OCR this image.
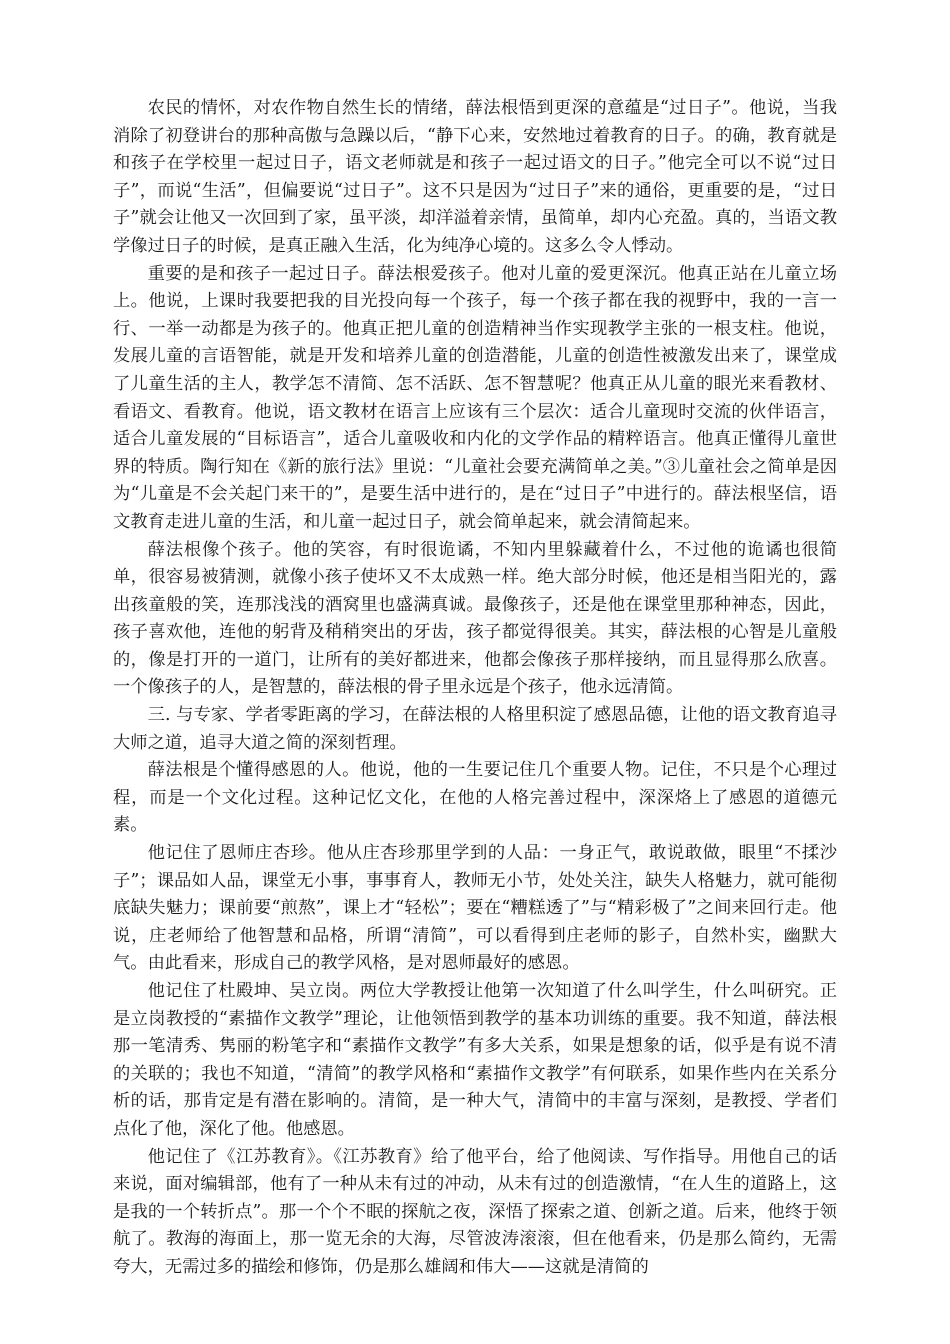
农民的情怀，对农作物自然生长的情绪，薛法根悟到更深的意蕴是“过日子”。他说，当我消除了初登讲台的那种高傲与急躁以后，“静下心来，安然地过着教育的日子。的确，教育就是和孩子在学校里一起过日子，语文老师就是和孩子一起过语文的日子。”他完全可以不说“过日子”，而说“生活”，但偏要说“过日子”。这不只是因为“过日子”来的通俗，更重要的是，“过日子”就会让他又一次回到了家，虽平淡，却洋溢着亲情，虽简单，却内心充盈。真的，当语文教学像过日子的时候，是真正融入生活，化为纯净心境的。这多么令人悸动。

重要的是和孩子一起过日子。薛法根爱孩子。他对儿童的爱更深沉。他真正站在儿童立场上。他说，上课时我要把我的目光投向每一个孩子，每一个孩子都在我的视野中，我的一言一行、一举一动都是为孩子的。他真正把儿童的创造精神当作实现教学主张的一根支柱。他说，发展儿童的言语智能，就是开发和培养儿童的创造潜能，儿童的创造性被激发出来了，课堂成了儿童生活的主人，教学怎不清简、怎不活跃、怎不智慧呢？他真正从儿童的眼光来看教材、看语文、看教育。他说，语文教材在语言上应该有三个层次：适合儿童现时交流的伙伴语言，适合儿童发展的“目标语言”，适合儿童吸收和内化的文学作品的精粹语言。他真正懂得儿童世界的特质。陶行知在《新的旅行法》里说：“儿童社会要充满简单之美。”③儿童社会之简单是因为“儿童是不会关起门来干的”，是要生活中进行的，是在“过日子”中进行的。薛法根坚信，语文教育走进儿童的生活，和儿童一起过日子，就会简单起来，就会清简起来。

薛法根像个孩子。他的笑容，有时很诡谲，不知内里躲藏着什么，不过他的诡谲也很简单，很容易被猜测，就像小孩子使坏又不太成熟一样。绝大部分时候，他还是相当阳光的，露出孩童般的笑，连那浅浅的酒窝里也盛满真诚。最像孩子，还是他在课堂里那种神态，因此，孩子喜欢他，连他的躬背及稍稍突出的牙齿，孩子都觉得很美。其实，薛法根的心智是儿童般的，像是打开的一道门，让所有的美好都进来，他都会像孩子那样接纳，而且显得那么欣喜。一个像孩子的人，是智慧的，薛法根的骨子里永远是个孩子，他永远清简。

三. 与专家、学者零距离的学习，在薛法根的人格里积淀了感恩品德，让他的语文教育追寻大师之道，追寻大道之简的深刻哲理。

薛法根是个懂得感恩的人。他说，他的一生要记住几个重要人物。记住，不只是个心理过程，而是一个文化过程。这种记忆文化，在他的人格完善过程中，深深烙上了感恩的道德元素。

他记住了恩师庄杏珍。他从庄杏珍那里学到的人品：一身正气，敢说敢做，眼里“不揉沙子”；课品如人品，课堂无小事，事事育人，教师无小节，处处关注，缺失人格魅力，就可能彻底缺失魅力；课前要“煎熬”，课上才“轻松”；要在“糟糕透了”与“精彩极了”之间来回行走。他说，庄老师给了他智慧和品格，所谓“清简”，可以看得到庄老师的影子，自然朴实，幽默大气。由此看来，形成自己的教学风格，是对恩师最好的感恩。

他记住了杜殿坤、吴立岗。两位大学教授让他第一次知道了什么叫学生，什么叫研究。正是立岗教授的“素描作文教学”理论，让他领悟到教学的基本功训练的重要。我不知道，薛法根那一笔清秀、隽丽的粉笔字和“素描作文教学”有多大关系，如果是想象的话，似乎是有说不清的关联的；我也不知道，“清简”的教学风格和“素描作文教学”有何联系，如果作些内在关系分析的话，那肯定是有潜在影响的。清简，是一种大气，清简中的丰富与深刻，是教授、学者们点化了他，深化了他。他感恩。

他记住了《江苏教育》。《江苏教育》给了他平台，给了他阅读、写作指导。用他自己的话来说，面对编辑部，他有了一种从未有过的冲动，从未有过的创造激情，“在人生的道路上，这是我的一个转折点”。那一个个不眠的探航之夜，深悟了探索之道、创新之道。后来，他终于领航了。教海的海面上，那一览无余的大海，尽管波涛滚滚，但在他看来，仍是那么简约，无需夸大，无需过多的描绘和修饰，仍是那么雄阔和伟大——这就是清简的
